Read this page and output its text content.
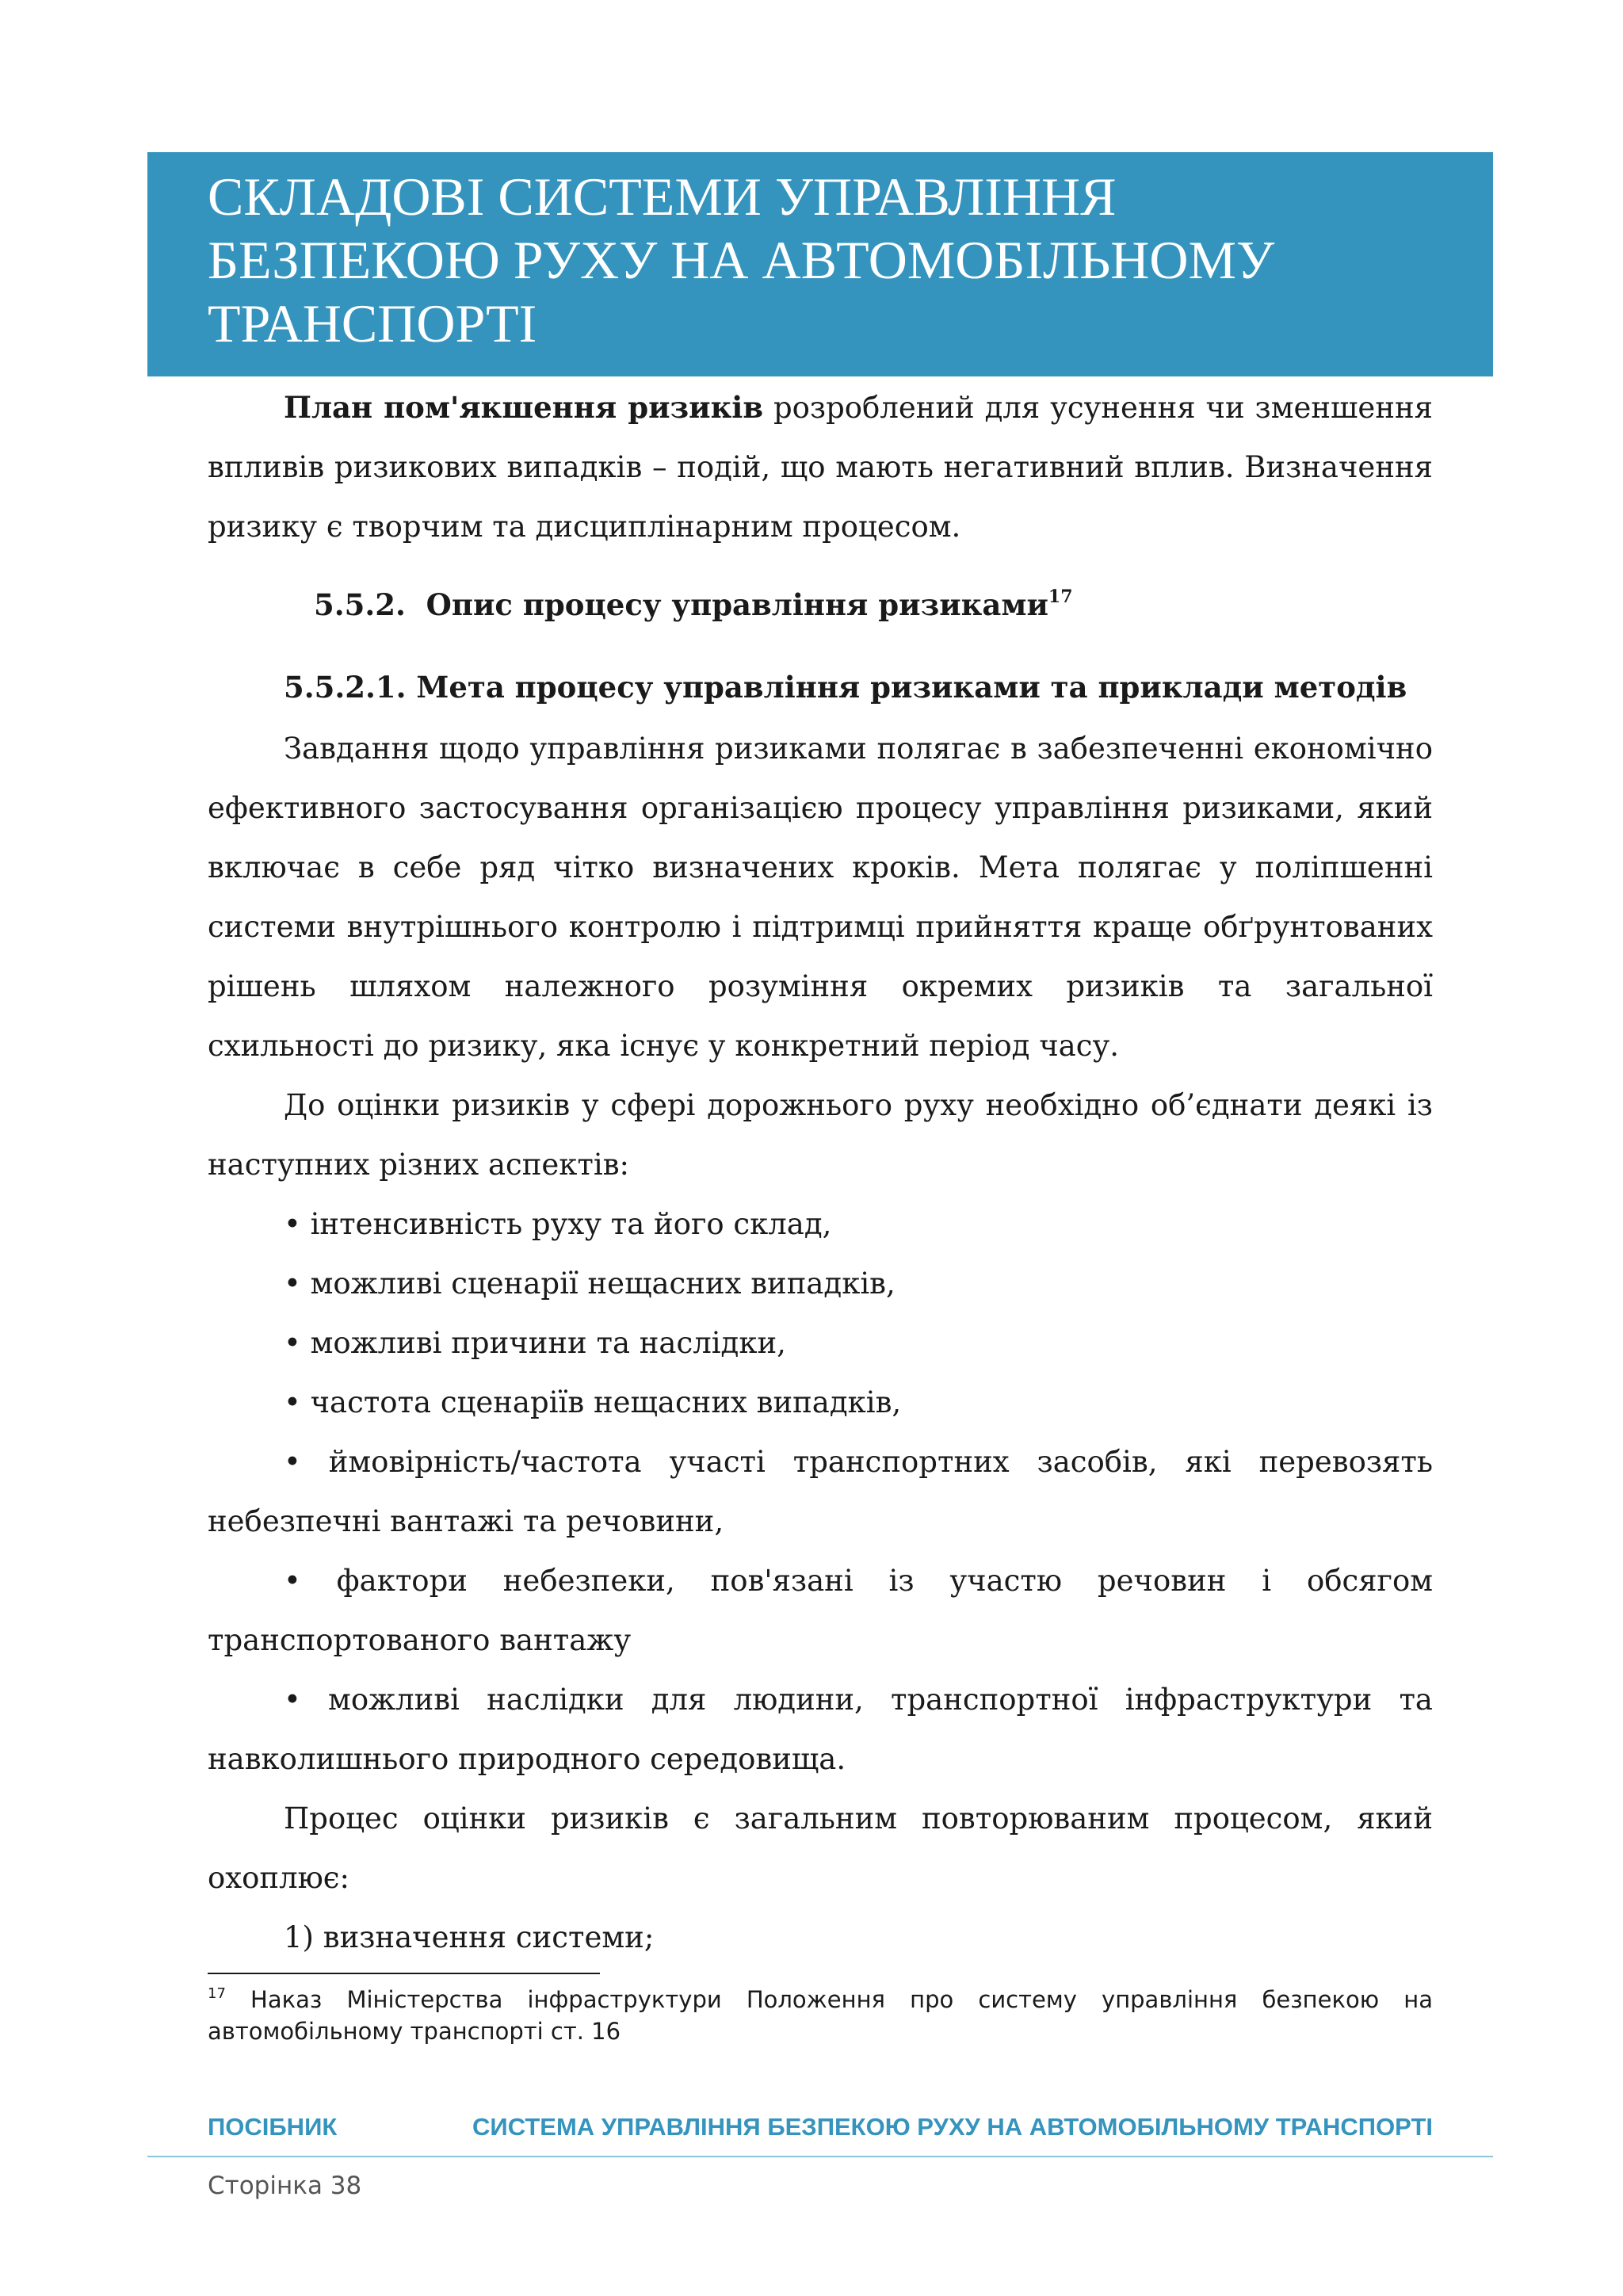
СКЛАДОВІ СИСТЕМИ УПРАВЛІННЯ
БЕЗПЕКОЮ РУХУ НА АВТОМОБІЛЬНОМУ
ТРАНСПОРТІ

План пом'якшення ризиків розроблений для усунення чи зменшення впливів ризикових випадків – подій, що мають негативний вплив. Визначення ризику є творчим та дисциплінарним процесом.

5.5.2. Опис процесу управління ризиками$^{17}$
5.5.2.1. Мета процесу управління ризиками та приклади методів

Завдання щодо управління ризиками полягає в забезпеченні економічно ефективного застосування організацією процесу управління ризиками, який включає в себе ряд чітко визначених кроків. Мета полягає у поліпшенні системи внутрішнього контролю і підтримці прийняття краще обґрунтованих рішень шляхом належного розуміння окремих ризиків та загальної схильності до ризику, яка існує у конкретний період часу.

До оцінки ризиків у сфері дорожнього руху необхідно об’єднати деякі із наступних різних аспектів:

• інтенсивність руху та його склад,

• можливі сценарії нещасних випадків,

• можливі причини та наслідки,

• частота сценаріїв нещасних випадків,

• ймовірність/частота участі транспортних засобів, які перевозять небезпечні вантажі та речовини,

• фактори небезпеки, пов'язані із участю речовин і обсягом транспортованого вантажу

• можливі наслідки для людини, транспортної інфраструктури та навколишнього природного середовища.

Процес оцінки ризиків є загальним повторюваним процесом, який охоплює:

1) визначення системи;

$^{17}$ Наказ Міністерства інфраструктури Положення про систему управління безпекою на автомобільному транспорті ст. 16
ПОСІБНИК	СИСТЕМА УПРАВЛІННЯ БЕЗПЕКОЮ РУХУ НА АВТОМОБІЛЬНОМУ ТРАНСПОРТІ
Сторінка 38
